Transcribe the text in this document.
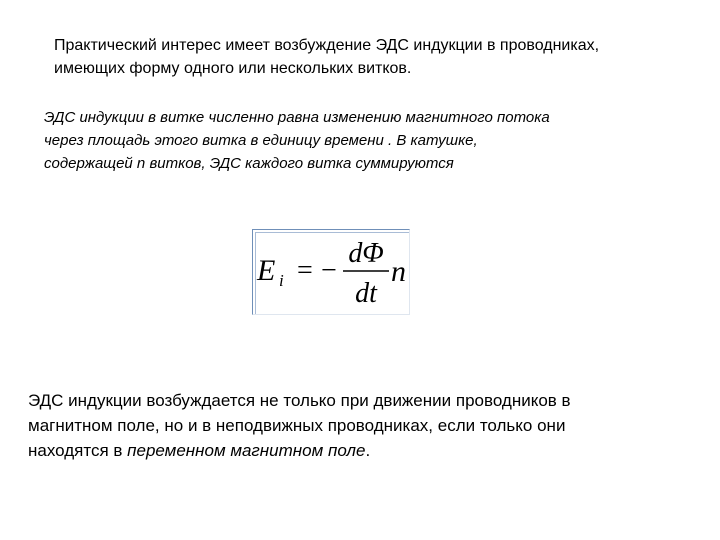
Практический интерес имеет возбуждение ЭДС индукции в проводниках,
имеющих форму одного или нескольких витков.

ЭДС индукции в витке численно равна изменению магнитного потока
через площадь этого витка в единицу времени . В катушке,
содержащей n витков, ЭДС каждого витка суммируются

E i = −
dΦ
dt
n

ЭДС индукции возбуждается не только при движении проводников в
магнитном поле, но и в неподвижных проводниках, если только они
находятся в переменном магнитном поле.
